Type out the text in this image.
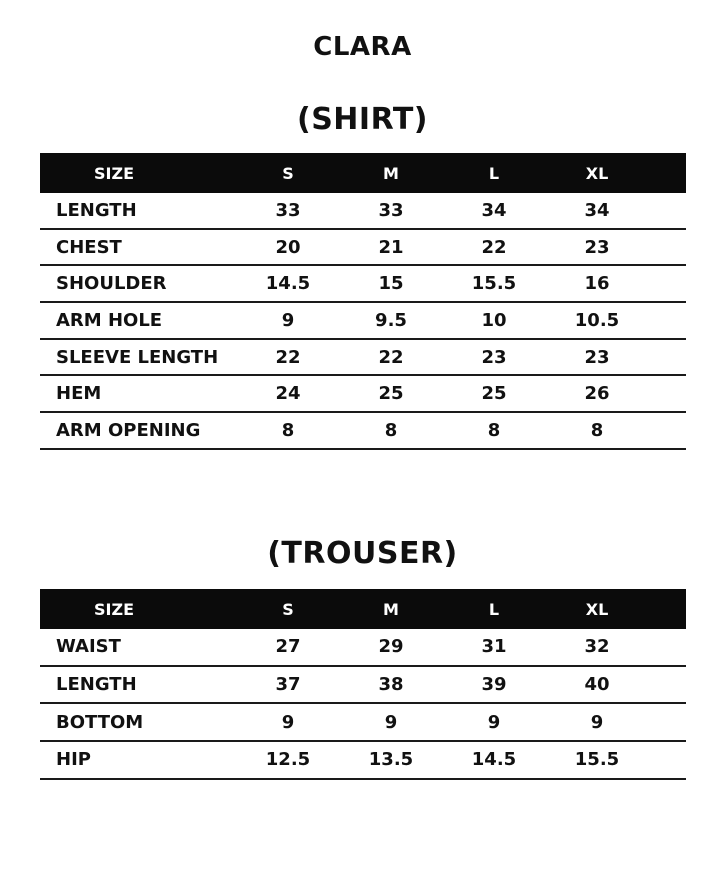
CLARA
(SHIRT)
SIZE	S	M	L	XL
LENGTH	33	33	34	34
CHEST	20	21	22	23
SHOULDER	14.5	15	15.5	16
ARM HOLE	9	9.5	10	10.5
SLEEVE LENGTH	22	22	23	23
HEM	24	25	25	26
ARM OPENING	8	8	8	8
(TROUSER)
SIZE	S	M	L	XL
WAIST	27	29	31	32
LENGTH	37	38	39	40
BOTTOM	9	9	9	9
HIP	12.5	13.5	14.5	15.5
